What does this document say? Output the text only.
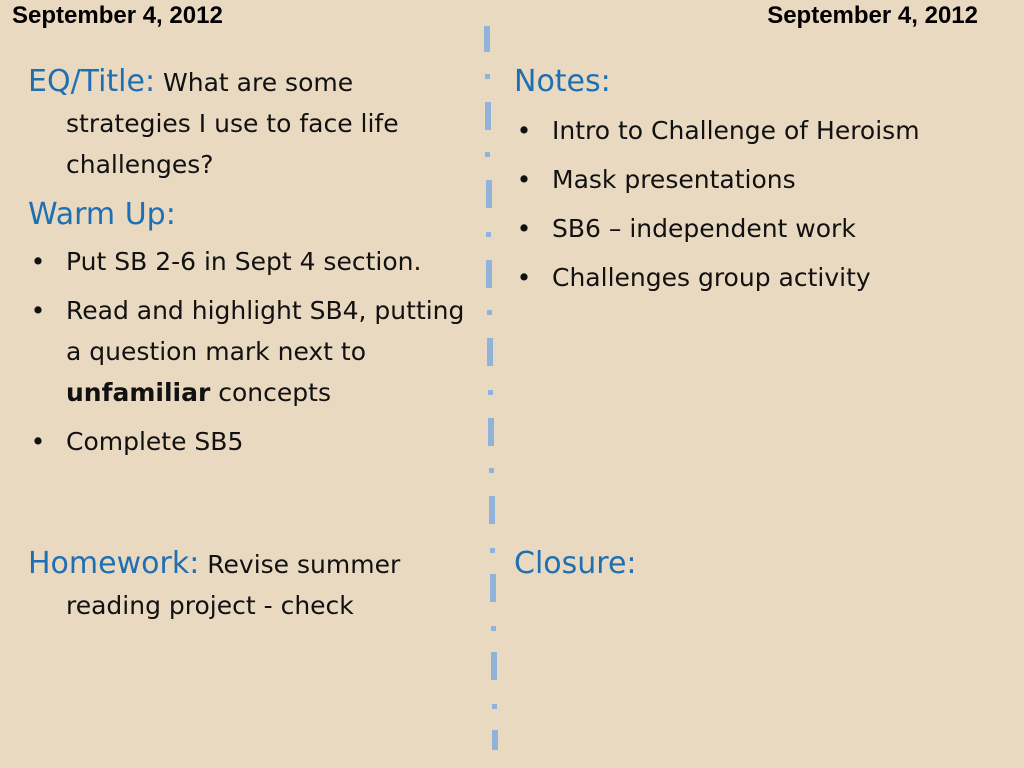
September 4, 2012	September 4, 2012

EQ/Title: What are some strategies I use to face life challenges?

Warm Up:
• Put SB 2-6 in Sept 4 section.
• Read and highlight SB4, putting a question mark next to unfamiliar concepts
• Complete SB5

Homework: Revise summer reading project - check

Notes:
• Intro to Challenge of Heroism
• Mask presentations
• SB6 – independent work
• Challenges group activity
Closure:
